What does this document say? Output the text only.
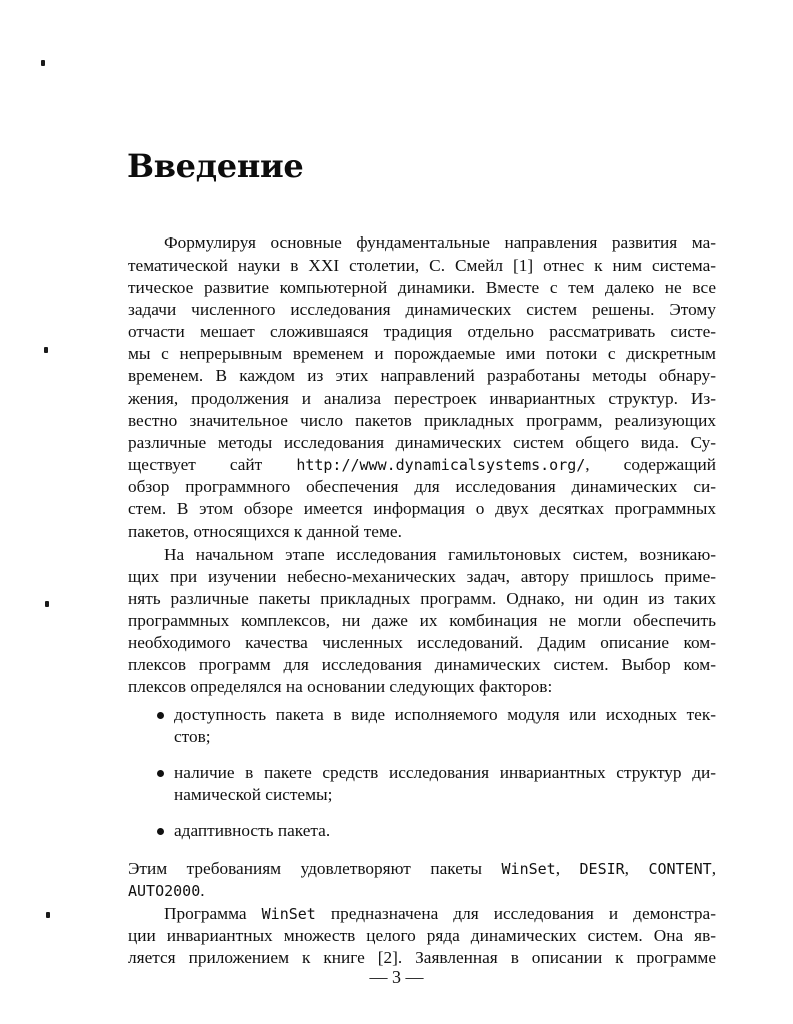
Введение
Формулируя основные фундаментальные направления развития ма-
тематической науки в XXI столетии, С. Смейл [1] отнес к ним система-
тическое развитие компьютерной динамики. Вместе с тем далеко не все
задачи численного исследования динамических систем решены. Этому
отчасти мешает сложившаяся традиция отдельно рассматривать систе-
мы с непрерывным временем и порождаемые ими потоки с дискретным
временем. В каждом из этих направлений разработаны методы обнару-
жения, продолжения и анализа перестроек инвариантных структур. Из-
вестно значительное число пакетов прикладных программ, реализующих
различные методы исследования динамических систем общего вида. Су-
ществует сайт http://www.dynamicalsystems.org/, содержащий
обзор программного обеспечения для исследования динамических си-
стем. В этом обзоре имеется информация о двух десятках программных
пакетов, относящихся к данной теме.
На начальном этапе исследования гамильтоновых систем, возникаю-
щих при изучении небесно-механических задач, автору пришлось приме-
нять различные пакеты прикладных программ. Однако, ни один из таких
программных комплексов, ни даже их комбинация не могли обеспечить
необходимого качества численных исследований. Дадим описание ком-
плексов программ для исследования динамических систем. Выбор ком-
плексов определялся на основании следующих факторов:
доступность пакета в виде исполняемого модуля или исходных тек-
стов;
наличие в пакете средств исследования инвариантных структур ди-
намической системы;
адаптивность пакета.
Этим требованиям удовлетворяют пакеты WinSet, DESIR, CONTENT,
AUTO2000.
Программа WinSet предназначена для исследования и демонстра-
ции инвариантных множеств целого ряда динамических систем. Она яв-
ляется приложением к книге [2]. Заявленная в описании к программе
— 3 —
